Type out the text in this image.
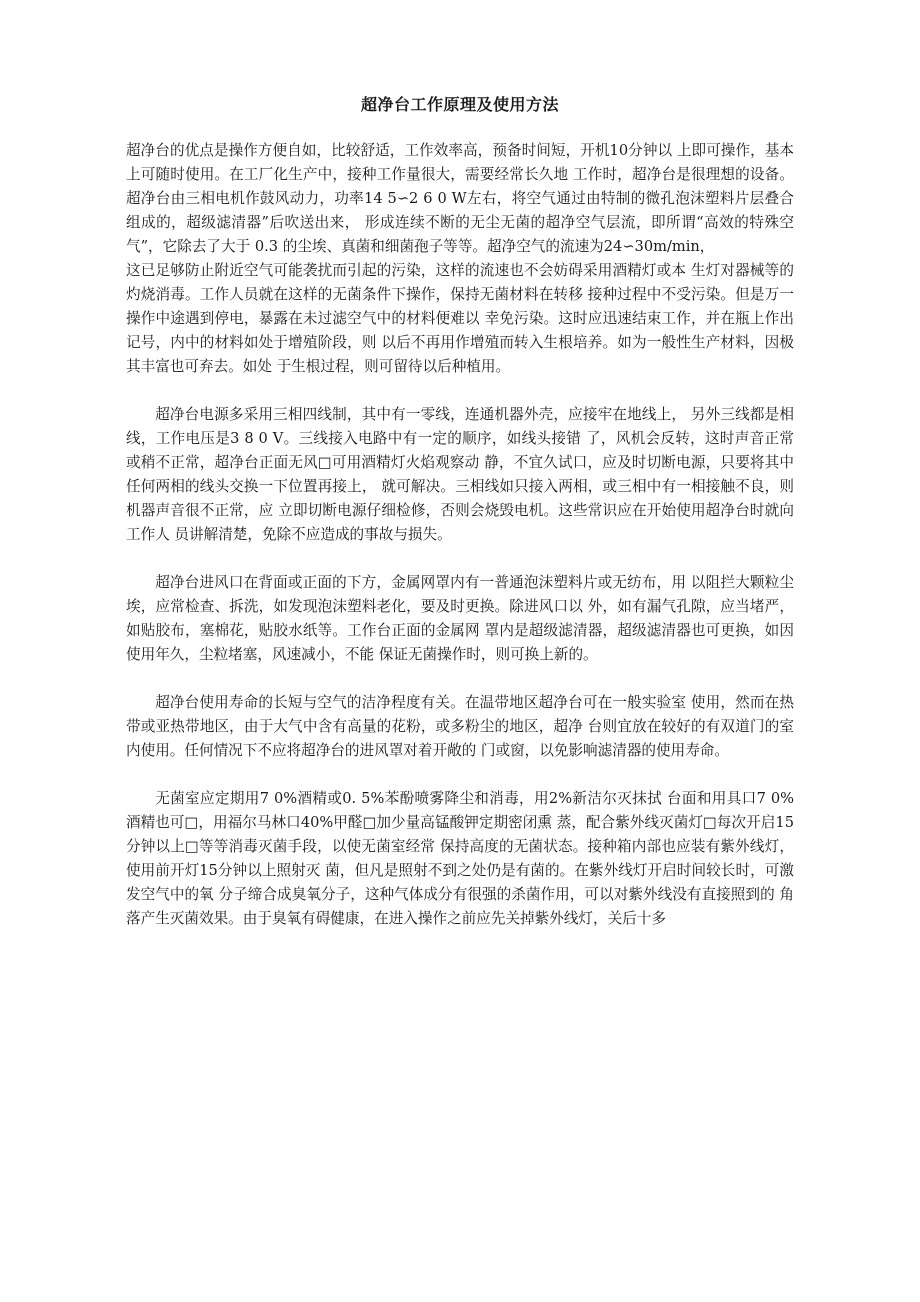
超净台工作原理及使用方法

超净台的优点是操作方便自如，比较舒适，工作效率高，预备时间短，开机10分钟以 上即可操作，基本上可随时使用。在工厂化生产中，接种工作量很大，需要经常长久地 工作时，超净台是很理想的设备。超净台由三相电机作鼓风动力，功率14 5∽2 6 0 W左右，将空气通过由特制的微孔泡沫塑料片层叠合组成的，超级滤清器”后吹送出来， 形成连续不断的无尘无菌的超净空气层流，即所谓“高效的特殊空气”，它除去了大于 0.3 的尘埃、真菌和细菌孢子等等。超净空气的流速为24∽30m/min，

这已足够防止附近空气可能袭扰而引起的污染，这样的流速也不会妨碍采用酒精灯或本 生灯对器械等的灼烧消毒。工作人员就在这样的无菌条件下操作，保持无菌材料在转移 接种过程中不受污染。但是万一操作中途遇到停电，暴露在未过滤空气中的材料便难以 幸免污染。这时应迅速结束工作，并在瓶上作出记号，内中的材料如处于增殖阶段，则 以后不再用作增殖而转入生根培养。如为一般性生产材料，因极其丰富也可弃去。如处 于生根过程，则可留待以后种植用。

超净台电源多采用三相四线制，其中有一零线，连通机器外壳，应接牢在地线上， 另外三线都是相线，工作电压是3 8 0 V。三线接入电路中有一定的顺序，如线头接错 了，风机会反转，这时声音正常或稍不正常，超净台正面无风□可用酒精灯火焰观察动 静，不宜久试口，应及时切断电源，只要将其中任何两相的线头交换一下位置再接上， 就可解决。三相线如只接入两相，或三相中有一相接触不良，则机器声音很不正常，应 立即切断电源仔细检修，否则会烧毁电机。这些常识应在开始使用超净台时就向工作人 员讲解清楚，免除不应造成的事故与损失。

超净台进风口在背面或正面的下方，金属网罩内有一普通泡沫塑料片或无纺布，用 以阻拦大颗粒尘埃，应常检查、拆洗，如发现泡沫塑料老化，要及时更换。除进风口以 外，如有漏气孔隙，应当堵严，如贴胶布，塞棉花，贴胶水纸等。工作台正面的金属网 罩内是超级滤清器，超级滤清器也可更换，如因使用年久，尘粒堵塞，风速减小，不能 保证无菌操作时，则可换上新的。

超净台使用寿命的长短与空气的洁净程度有关。在温带地区超净台可在一般实验室 使用，然而在热带或亚热带地区，由于大气中含有高量的花粉，或多粉尘的地区，超净 台则宜放在较好的有双道门的室内使用。任何情况下不应将超净台的进风罩对着开敞的 门或窗，以免影响滤清器的使用寿命。

无菌室应定期用7 0%酒精或0. 5%苯酚喷雾降尘和消毒，用2%新洁尔灭抹拭 台面和用具口7 0%酒精也可□，用福尔马林口40%甲醛□加少量高锰酸钾定期密闭熏 蒸，配合紫外线灭菌灯□每次开启15分钟以上□等等消毒灭菌手段，以使无菌室经常 保持高度的无菌状态。接种箱内部也应装有紫外线灯，使用前开灯15分钟以上照射灭 菌，但凡是照射不到之处仍是有菌的。在紫外线灯开启时间较长时，可激发空气中的氧 分子缔合成臭氧分子，这种气体成分有很强的杀菌作用，可以对紫外线没有直接照到的 角落产生灭菌效果。由于臭氧有碍健康，在进入操作之前应先关掉紫外线灯，关后十多
